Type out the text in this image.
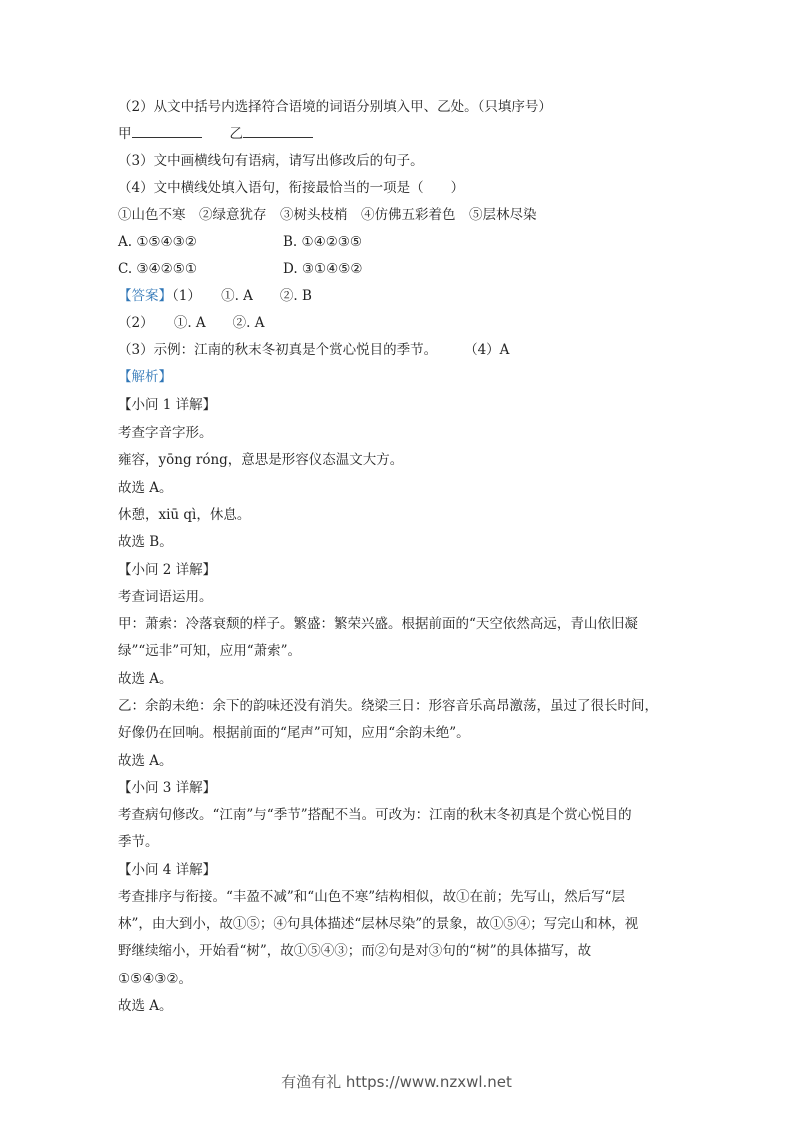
（2）从文中括号内选择符合语境的词语分别填入甲、乙处。（只填序号）
甲	乙
（3）文中画横线句有语病，请写出修改后的句子。
（4）文中横线处填入语句，衔接最恰当的一项是（　　）
①山色不寒　②绿意犹存　③树头枝梢　④仿佛五彩着色　⑤层林尽染
A. ①⑤④③②	B. ①④②③⑤
C. ③④②⑤①	D. ③①④⑤②
【答案】（1）　　①. A　　②. B
（2）　　①. A　　②. A
（3）示例：江南的秋末冬初真是个赏心悦目的季节。　　　（4）A
【解析】
【小问 1 详解】
考查字音字形。
雍容，yōng róng，意思是形容仪态温文大方。
故选 A。
休憩，xiū qì，休息。
故选 B。
【小问 2 详解】
考查词语运用。
甲：萧索：冷落衰颓的样子。繁盛：繁荣兴盛。根据前面的“天空依然高远，青山依旧凝
绿”“远非”可知，应用“萧索”。
故选 A。
乙：余韵未绝：余下的韵味还没有消失。绕梁三日：形容音乐高昂激荡，虽过了很长时间，
好像仍在回响。根据前面的“尾声”可知，应用“余韵未绝”。
故选 A。
【小问 3 详解】
考查病句修改。“江南”与“季节”搭配不当。可改为：江南的秋末冬初真是个赏心悦目的
季节。
【小问 4 详解】
考查排序与衔接。“丰盈不减”和“山色不寒”结构相似，故①在前；先写山，然后写“层
林”，由大到小，故①⑤；④句具体描述“层林尽染”的景象，故①⑤④；写完山和林，视
野继续缩小，开始看“树”，故①⑤④③；而②句是对③句的“树”的具体描写，故
①⑤④③②。
故选 A。
有渔有礼 https://www.nzxwl.net
